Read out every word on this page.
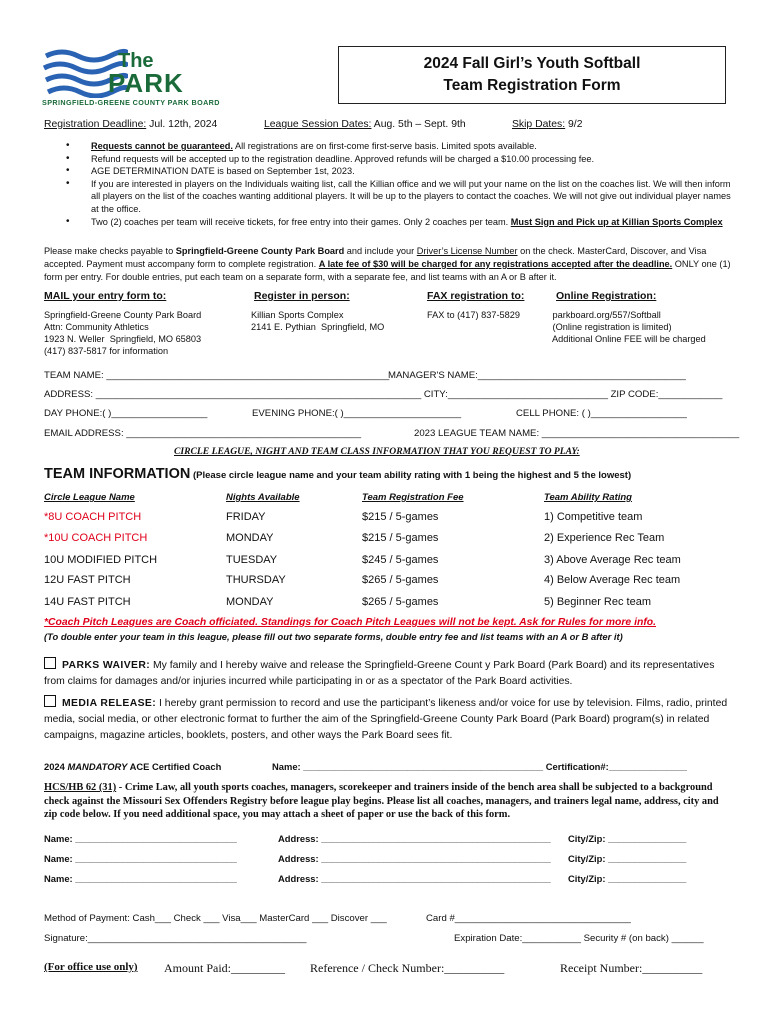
The
PARK
SPRINGFIELD-GREENE COUNTY PARK BOARD
2024 Fall Girl’s Youth Softball
Team Registration Form
Registration Deadline: Jul. 12th, 2024	League Session Dates: Aug. 5th – Sept. 9th	Skip Dates: 9/2
• Requests cannot be guaranteed. All registrations are on first-come first-serve basis. Limited spots available.
• Refund requests will be accepted up to the registration deadline. Approved refunds will be charged a $10.00 processing fee.
• AGE DETERMINATION DATE is based on September 1st, 2023.
• If you are interested in players on the Individuals waiting list, call the Killian office and we will put your name on the list on the coaches list. We will then inform all players on the list of the coaches wanting additional players. It will be up to the players to contact the coaches. We will not give out individual player names at the office.
• Two (2) coaches per team will receive tickets, for free entry into their games. Only 2 coaches per team. Must Sign and Pick up at Killian Sports Complex
Please make checks payable to Springfield-Greene County Park Board and include your Driver’s License Number on the check. MasterCard, Discover, and Visa accepted. Payment must accompany form to complete registration. A late fee of $30 will be charged for any registrations accepted after the deadline. ONLY one (1) form per entry. For double entries, put each team on a separate form, with a separate fee, and list teams with an A or B after it.
MAIL your entry form to:
Springfield-Greene County Park Board
Attn: Community Athletics
1923 N. Weller  Springfield, MO 65803
(417) 837-5817 for information
Register in person:
Killian Sports Complex
2141 E. Pythian  Springfield, MO
FAX registration to:
FAX to (417) 837-5829
Online Registration:
parkboard.org/557/Softball
(Online registration is limited)
Additional Online FEE will be charged
TEAM NAME: _____________________________________________________
MANAGER'S NAME:_______________________________________
ADDRESS: _____________________________________________________________ CITY:______________________________ ZIP CODE:____________
DAY PHONE:( )__________________	EVENING PHONE:( )______________________	CELL PHONE: ( )__________________
EMAIL ADDRESS: ____________________________________________	2023 LEAGUE TEAM NAME: _____________________________________
CIRCLE LEAGUE, NIGHT AND TEAM CLASS INFORMATION THAT YOU REQUEST TO PLAY:
TEAM INFORMATION (Please circle league name and your team ability rating with 1 being the highest and 5 the lowest)
Circle League Name	Nights Available	Team Registration Fee	Team Ability Rating
*8U COACH PITCH	FRIDAY	$215 / 5-games	1) Competitive team
*10U COACH PITCH	MONDAY	$215 / 5-games	2) Experience Rec Team
10U MODIFIED PITCH	TUESDAY	$245 / 5-games	3) Above Average Rec team
12U FAST PITCH	THURSDAY	$265 / 5-games	4) Below Average Rec team
14U FAST PITCH	MONDAY	$265 / 5-games	5) Beginner Rec team
*Coach Pitch Leagues are Coach officiated. Standings for Coach Pitch Leagues will not be kept. Ask for Rules for more info.
(To double enter your team in this league, please fill out two separate forms, double entry fee and list teams with an A or B after it)
PARKS WAIVER: My family and I hereby waive and release the Springfield-Greene Count y Park Board (Park Board) and its representatives from claims for damages and/or injuries incurred while participating in or as a spectator of the Park Board activities.
MEDIA RELEASE: I hereby grant permission to record and use the participant’s likeness and/or voice for use by television. Films, radio, printed media, social media, or other electronic format to further the aim of the Springfield-Greene County Park Board (Park Board) program(s) in related campaigns, magazine articles, booklets, posters, and other ways the Park Board sees fit.
2024 MANDATORY ACE Certified Coach	Name: ______________________________________________ Certification#:_______________
HCS/HB 62 (31) - Crime Law, all youth sports coaches, managers, scorekeeper and trainers inside of the bench area shall be subjected to a background check against the Missouri Sex Offenders Registry before league play begins. Please list all coaches, managers, and trainers legal name, address, city and zip code below. If you need additional space, you may attach a sheet of paper or use the back of this form.
Name: _______________________________	Address: ____________________________________________ City/Zip: _______________
Name: _______________________________	Address: ____________________________________________ City/Zip: _______________
Name: _______________________________	Address: ____________________________________________ City/Zip: _______________
Method of Payment: Cash___ Check ___ Visa___ MasterCard ___ Discover ___	Card #_________________________________
Signature:_________________________________________	Expiration Date:___________ Security # (on back) ______
(For office use only) Amount Paid:_________ Reference / Check Number:__________	Receipt Number:__________
